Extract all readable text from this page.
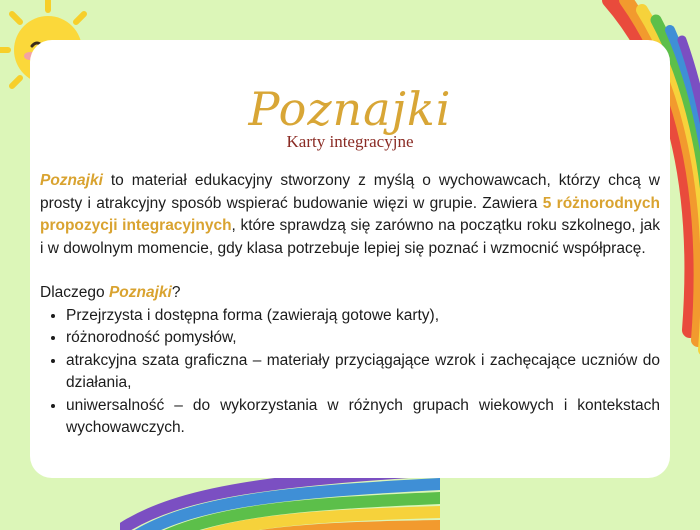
Poznajki
Karty integracyjne

Poznajki to materiał edukacyjny stworzony z myślą o wychowawcach, którzy chcą w prosty i atrakcyjny sposób wspierać budowanie więzi w grupie. Zawiera 5 różnorodnych propozycji integracyjnych, które sprawdzą się zarówno na początku roku szkolnego, jak i w dowolnym momencie, gdy klasa potrzebuje lepiej się poznać i wzmocnić współpracę.

Dlaczego Poznajki?
• Przejrzysta i dostępna forma (zawierają gotowe karty),
• różnorodność pomysłów,
• atrakcyjna szata graficzna – materiały przyciągające wzrok i zachęcające uczniów do działania,
• uniwersalność – do wykorzystania w różnych grupach wiekowych i kontekstach wychowawczych.
